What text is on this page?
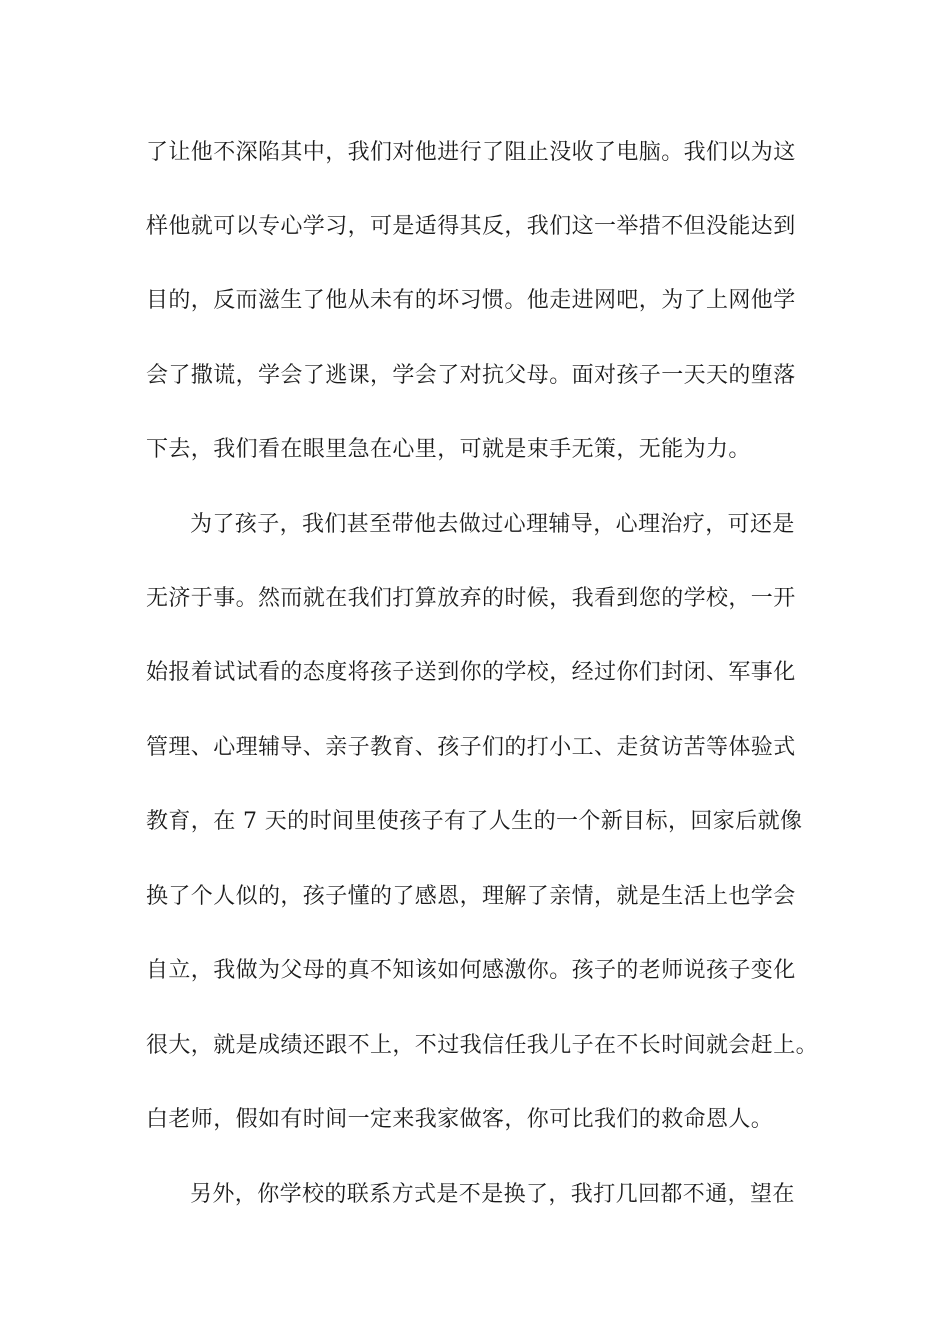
了让他不深陷其中，我们对他进行了阻止没收了电脑。我们以为这
样他就可以专心学习，可是适得其反，我们这一举措不但没能达到
目的，反而滋生了他从未有的坏习惯。他走进网吧，为了上网他学
会了撒谎，学会了逃课，学会了对抗父母。面对孩子一天天的堕落
下去，我们看在眼里急在心里，可就是束手无策，无能为力。
为了孩子，我们甚至带他去做过心理辅导，心理治疗，可还是
无济于事。然而就在我们打算放弃的时候，我看到您的学校，一开
始报着试试看的态度将孩子送到你的学校，经过你们封闭、军事化
管理、心理辅导、亲子教育、孩子们的打小工、走贫访苦等体验式
教育，在 7 天的时间里使孩子有了人生的一个新目标，回家后就像
换了个人似的，孩子懂的了感恩，理解了亲情，就是生活上也学会
自立，我做为父母的真不知该如何感激你。孩子的老师说孩子变化
很大，就是成绩还跟不上，不过我信任我儿子在不长时间就会赶上。
白老师，假如有时间一定来我家做客，你可比我们的救命恩人。
另外，你学校的联系方式是不是换了，我打几回都不通，望在
